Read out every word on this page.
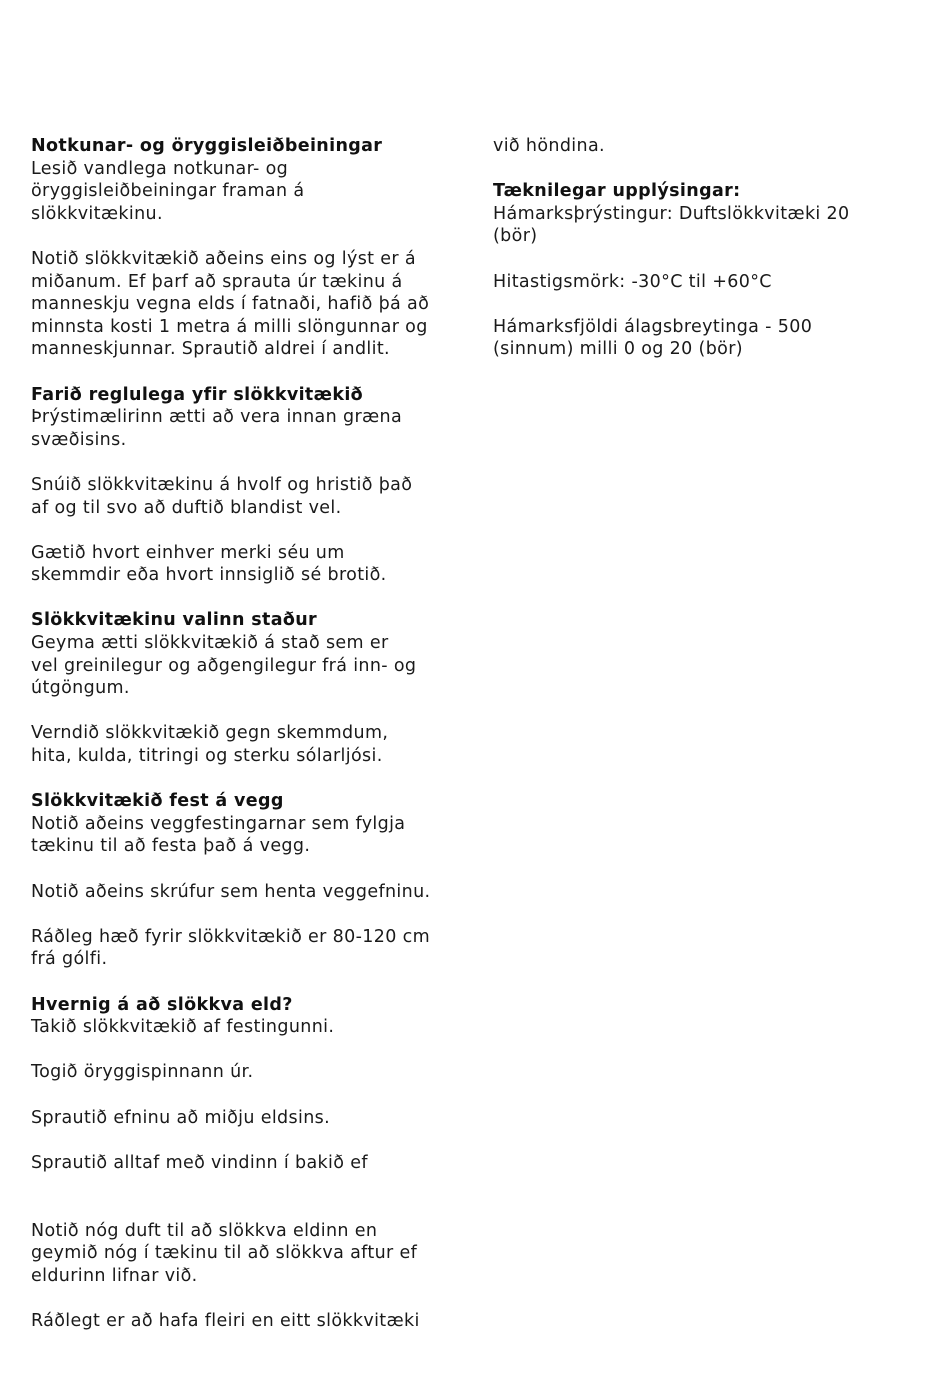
Notkunar- og öryggisleiðbeiningar
Lesið vandlega notkunar- og
öryggisleiðbeiningar framan á
slökkvitækinu.
Notið slökkvitækið aðeins eins og lýst er á
miðanum. Ef þarf að sprauta úr tækinu á
manneskju vegna elds í fatnaði, hafið þá að
minnsta kosti 1 metra á milli slöngunnar og
manneskjunnar. Sprautið aldrei í andlit.
Farið reglulega yfir slökkvitækið
Þrýstimælirinn ætti að vera innan græna
svæðisins.
Snúið slökkvitækinu á hvolf og hristið það
af og til svo að duftið blandist vel.
Gætið hvort einhver merki séu um
skemmdir eða hvort innsiglið sé brotið.
Slökkvitækinu valinn staður
Geyma ætti slökkvitækið á stað sem er
vel greinilegur og aðgengilegur frá inn- og
útgöngum.
Verndið slökkvitækið gegn skemmdum,
hita, kulda, titringi og sterku sólarljósi.
Slökkvitækið fest á vegg
Notið aðeins veggfestingarnar sem fylgja
tækinu til að festa það á vegg.
Notið aðeins skrúfur sem henta veggefninu.
Ráðleg hæð fyrir slökkvitækið er 80-120 cm
frá gólfi.
Hvernig á að slökkva eld?
Takið slökkvitækið af festingunni.
Togið öryggispinnann úr.
Sprautið efninu að miðju eldsins.
Sprautið alltaf með vindinn í bakið ef
Notið nóg duft til að slökkva eldinn en
geymið nóg í tækinu til að slökkva aftur ef
eldurinn lifnar við.
Ráðlegt er að hafa fleiri en eitt slökkvitæki
við höndina.
Tæknilegar upplýsingar:
Hámarksþrýstingur: Duftslökkvitæki 20
(bör)
Hitastigsmörk: -30°C til +60°C
Hámarksfjöldi álagsbreytinga - 500
(sinnum) milli 0 og 20 (bör)
